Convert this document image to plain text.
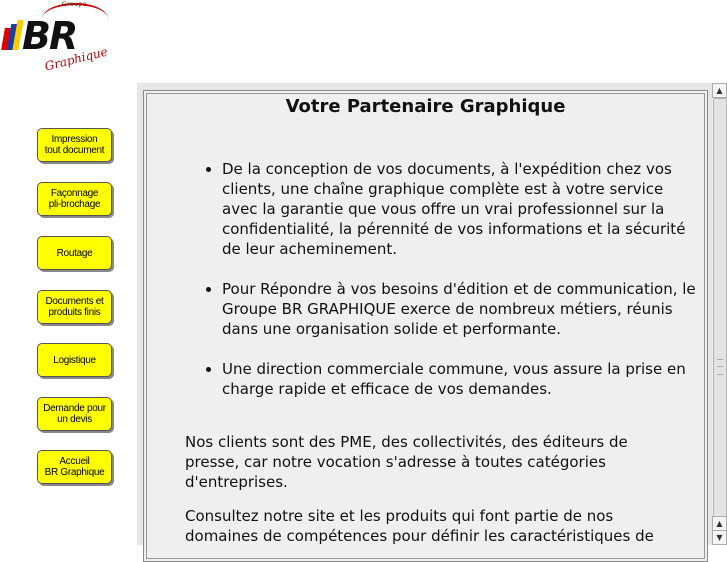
Groupe
BR
Graphique
Impression
tout document
Façonnage
pli-brochage
Routage
Documents et
produits finis
Logistique
Demande pour
un devis
Accueil
BR Graphique
Votre Partenaire Graphique
• De la conception de vos documents, à l'expédition chez vos clients, une chaîne graphique complète est à votre service avec la garantie que vous offre un vrai professionnel sur la confidentialité, la pérennité de vos informations et la sécurité de leur acheminement.
• Pour Répondre à vos besoins d'édition et de communication, le Groupe BR GRAPHIQUE exerce de nombreux métiers, réunis dans une organisation solide et performante.
• Une direction commerciale commune, vous assure la prise en charge rapide et efficace de vos demandes.

Nos clients sont des PME, des collectivités, des éditeurs de presse, car notre vocation s'adresse à toutes catégories d'entreprises.

Consultez notre site et les produits qui font partie de nos domaines de compétences pour définir les caractéristiques de

▲
▲
▼
